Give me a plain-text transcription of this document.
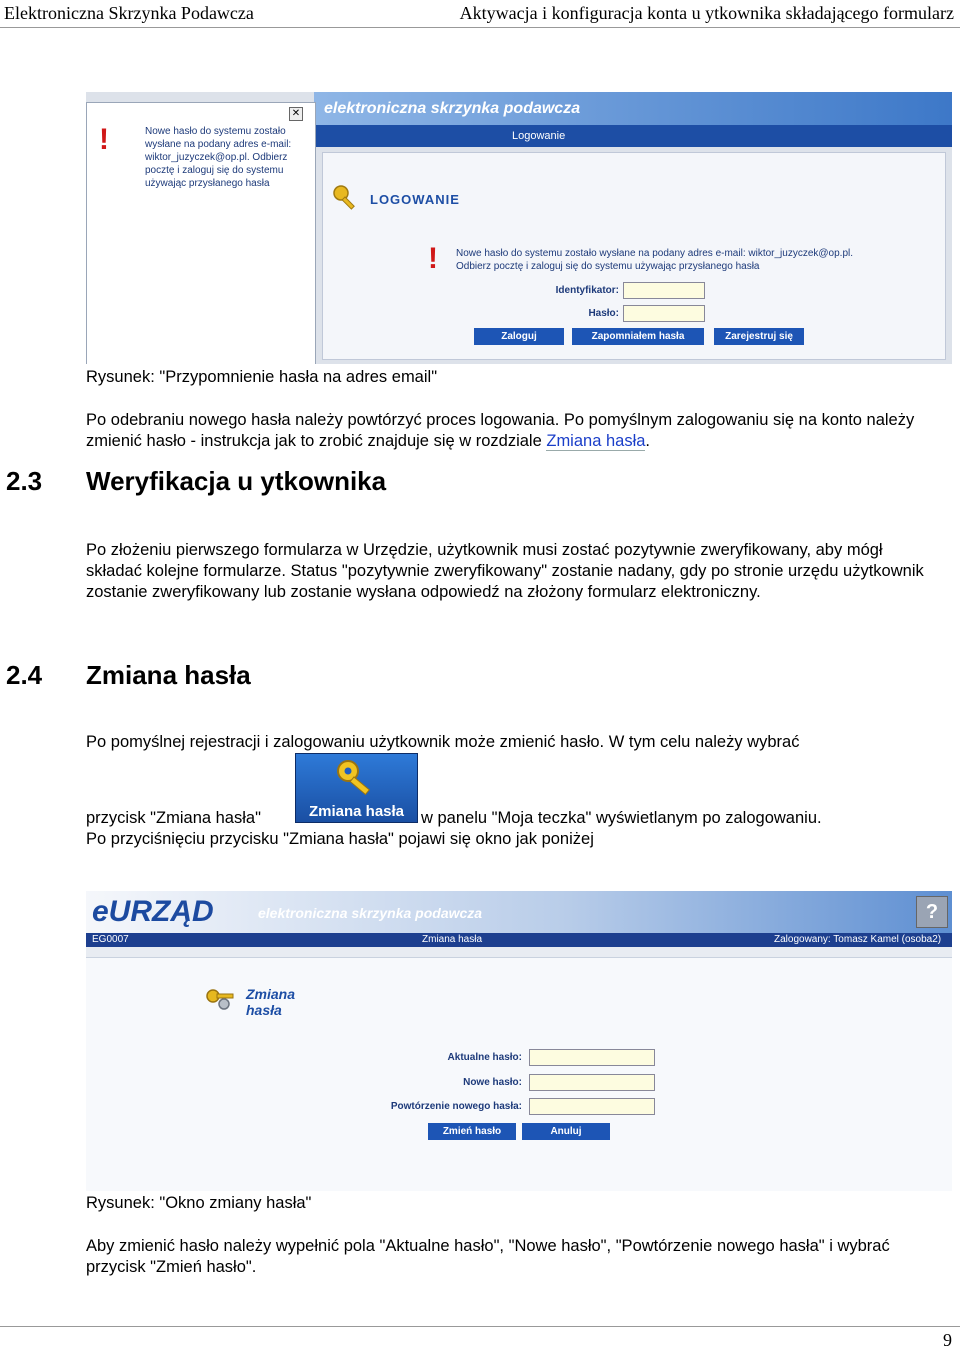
Elektroniczna Skrzynka Podawcza	Aktywacja i konfiguracja konta u ytkownika składającego formularz
elektroniczna skrzynka podawcza
Logowanie
LOGOWANIE
! Nowe hasło do systemu zostało wysłane na podany adres e-mail: wiktor_juzyczek@op.pl.
Odbierz pocztę i zaloguj się do systemu używając przysłanego hasła
Identyfikator:
Hasło:
Zaloguj	Zapomniałem hasła	Zarejestruj się
✕
!	Nowe hasło do systemu zostało wysłane na podany adres e-mail: wiktor_juzyczek@op.pl. Odbierz pocztę i zaloguj się do systemu używając przysłanego hasła
Rysunek: "Przypomnienie hasła na adres email"
Po odebraniu nowego hasła należy powtórzyć proces logowania. Po pomyślnym zalogowaniu się na konto należy zmienić hasło - instrukcja jak to zrobić znajduje się w rozdziale Zmiana hasła.
2.3 Weryfikacja u ytkownika
Po złożeniu pierwszego formularza w Urzędzie, użytkownik musi zostać pozytywnie zweryfikowany, aby mógł składać kolejne formularze. Status "pozytywnie zweryfikowany" zostanie nadany, gdy po stronie urzędu użytkownik zostanie zweryfikowany lub zostanie wysłana odpowiedź na złożony formularz elektroniczny.
2.4 Zmiana hasła
Po pomyślnej rejestracji i zalogowaniu użytkownik może zmienić hasło. W tym celu należy wybrać
przycisk "Zmiana hasła"	Zmiana hasła	w panelu "Moja teczka" wyświetlanym po zalogowaniu.
Po przyciśnięciu przycisku "Zmiana hasła" pojawi się okno jak poniżej
eURZĄD	elektroniczna skrzynka podawcza	?
EG0007	Zmiana hasła	Zalogowany: Tomasz Kamel (osoba2)
Zmiana
hasła
Aktualne hasło:
Nowe hasło:
Powtórzenie nowego hasła:
Zmień hasło	Anuluj
Rysunek: "Okno zmiany hasła"
Aby zmienić hasło należy wypełnić pola "Aktualne hasło", "Nowe hasło", "Powtórzenie nowego hasła" i wybrać przycisk "Zmień hasło".
9
